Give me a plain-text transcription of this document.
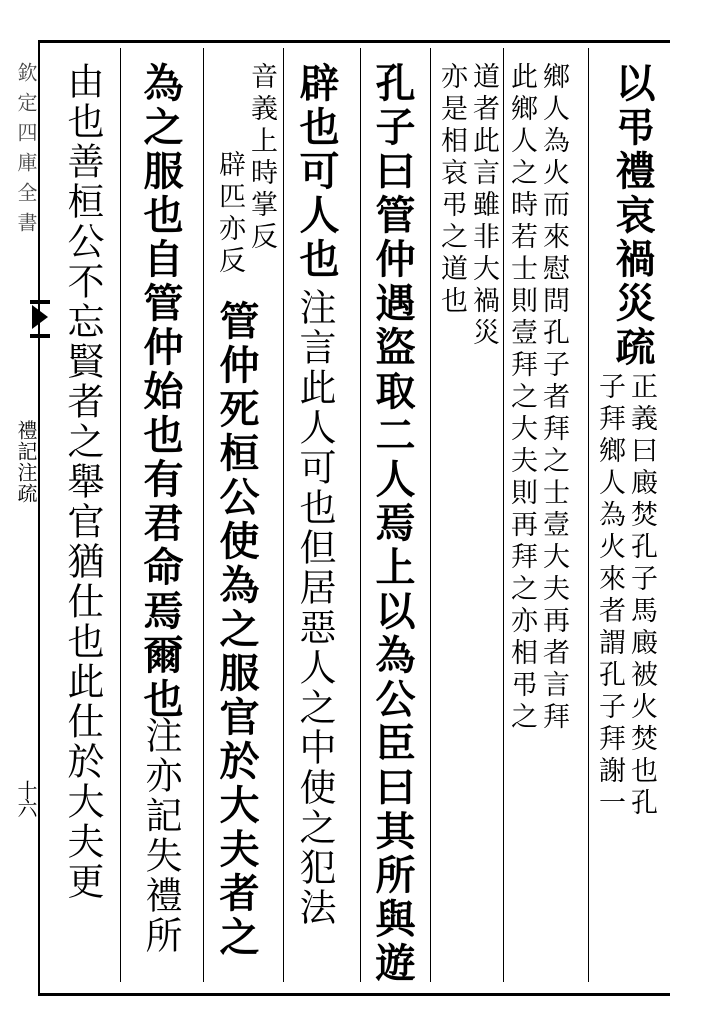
欽定四庫全書
禮記注疏
十六
以弔禮哀禍災疏
正義曰廄焚孔子馬廄被火焚也孔
子拜鄉人為火來者謂孔子拜謝一
鄉人為火而來慰問孔子者拜之士壹大夫再者言拜
此鄉人之時若士則壹拜之大夫則再拜之亦相弔之
道者此言雖非大禍災
亦是相哀弔之道也
孔子曰管仲遇盜取二人焉上以為公臣曰其所與遊
辟也可人也
注言此人可也但居惡人之中使之犯法
音義上時掌反
辟匹亦反
管仲死桓公使為之服官於大夫者之
為之服也自管仲始也有君命焉爾也
注亦記失禮所
由也善桓公不忘賢者之舉官猶仕也此仕於大夫更
